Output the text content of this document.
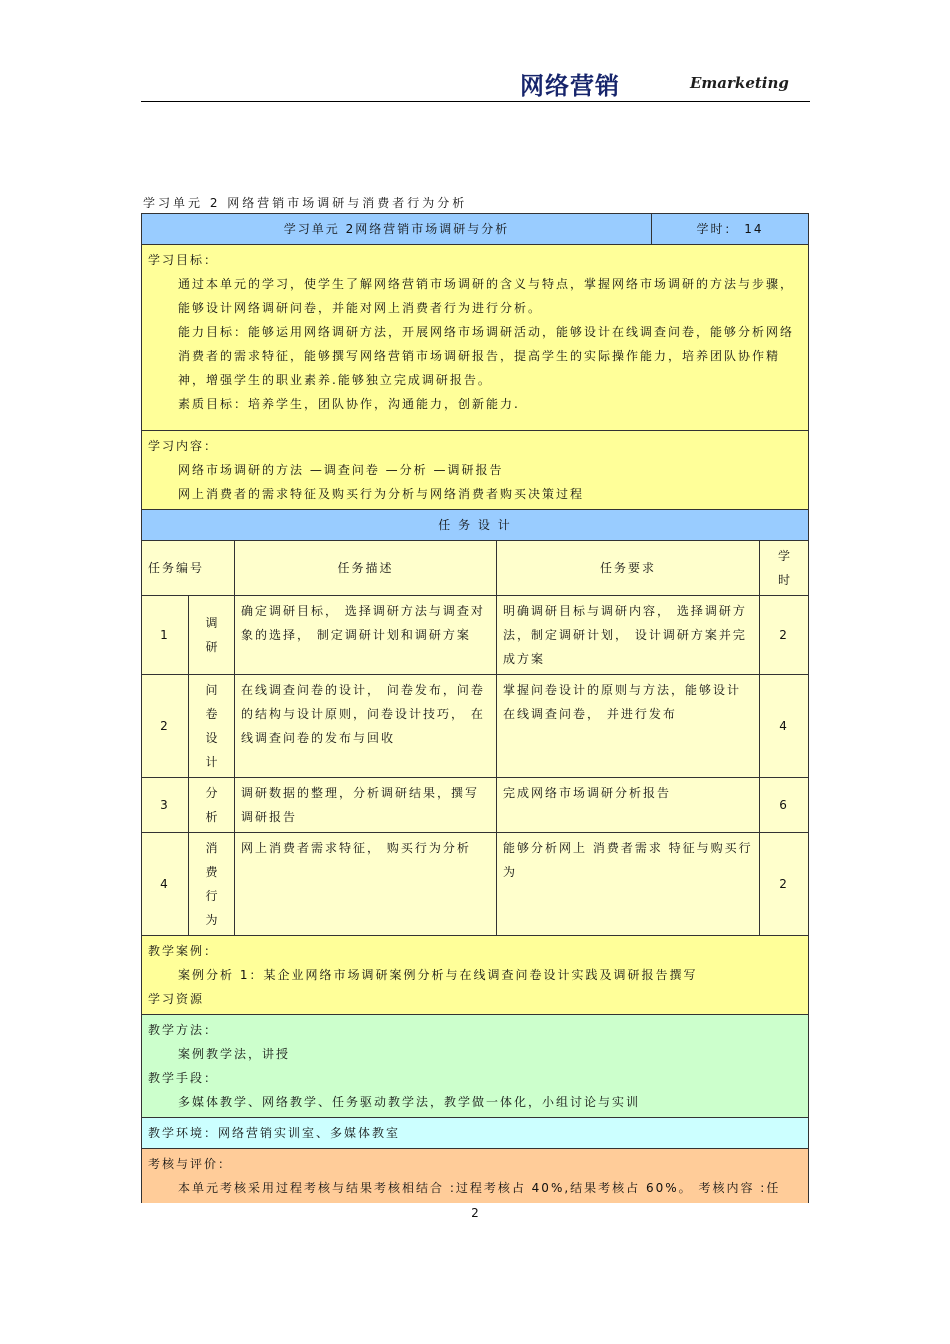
网络营销	Emarketing
学习单元 2 网络营销市场调研与消费者行为分析
学习单元 2网络营销市场调研与分析				学时： 14	
学习目标：
通过本单元的学习，使学生了解网络营销市场调研的含义与特点，掌握网络市场调研的方法与步骤，能够设计网络调研问卷，并能对网上消费者行为进行分析。
能力目标：能够运用网络调研方法，开展网络市场调研活动，能够设计在线调查问卷，能够分析网络消费者的需求特征，能够撰写网络营销市场调研报告，提高学生的实际操作能力，培养团队协作精神，增强学生的职业素养.能够独立完成调研报告。
素质目标：培养学生，团队协作，沟通能力，创新能力.					

学习内容：
网络市场调研的方法 —调查问卷 —分析 —调研报告
网上消费者的需求特征及购买行为分析与网络消费者购买决策过程					

任 务 设 计					
任务编号		任务描述	任务要求		学时

1	调研	确定调研目标， 选择调研方法与调查对象的选择， 制定调研计划和调研方案	明确调研目标与调研内容， 选择调研方法，制定调研计划， 设计调研方案并完成方案		2
2	问卷设计	在线调查问卷的设计， 问卷发布，问卷的结构与设计原则，问卷设计技巧， 在线调查问卷的发布与回收	掌握问卷设计的原则与方法，能够设计在线调查问卷， 并进行发布		4
3	分析	调研数据的整理，分析调研结果，撰写调研报告	完成网络市场调研分析报告		6
4	消费行为	网上消费者需求特征， 购买行为分析	能够分析网上 消费者需求 特征与购买行为		2
教学案例：
案例分析 1：某企业网络市场调研案例分析与在线调查问卷设计实践及调研报告撰写
学习资源					
教学方法：
案例教学法，讲授
教学手段：
多媒体教学、网络教学、任务驱动教学法，教学做一体化，小组讨论与实训					

教学环境：网络营销实训室、多媒体教室					
考核与评价：
本单元考核采用过程考核与结果考核相结合 :过程考核占 40%,结果考核占 60%。 考核内容 :任					
2
